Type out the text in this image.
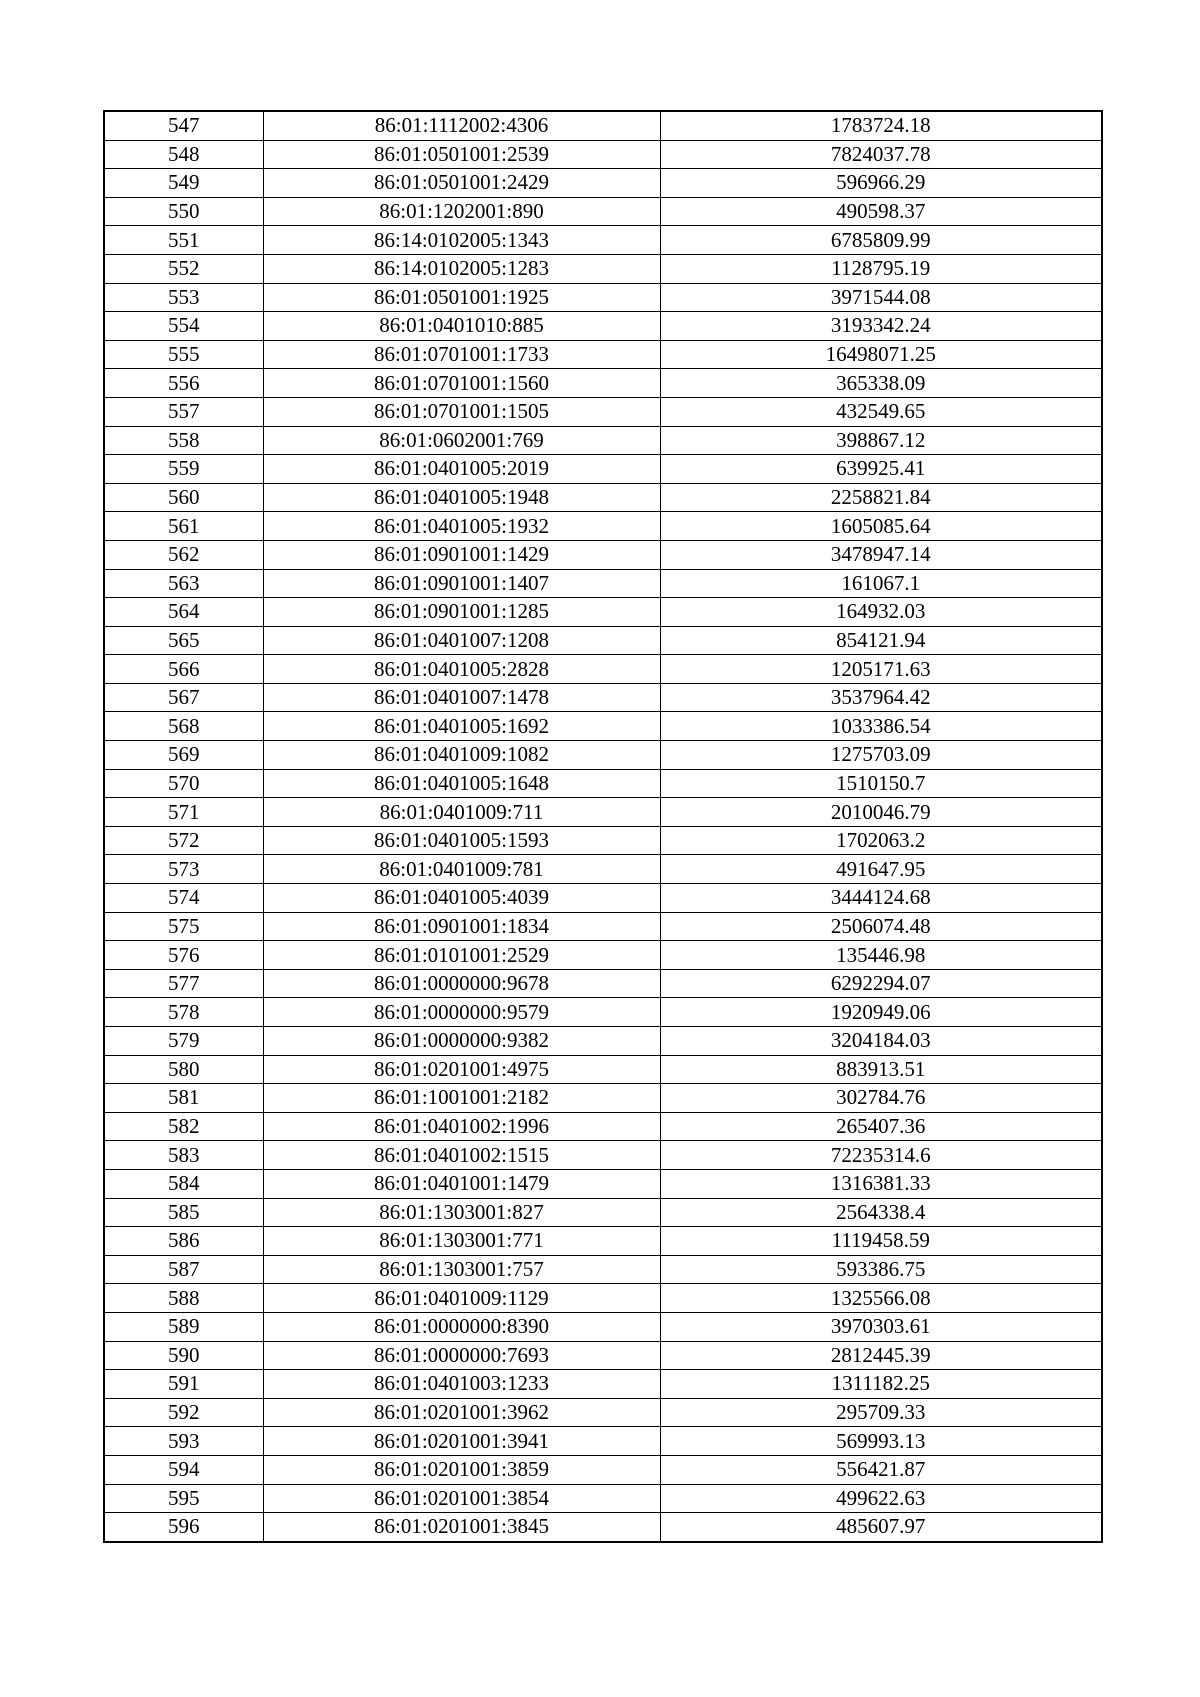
547	86:01:1112002:4306	1783724.18
548	86:01:0501001:2539	7824037.78
549	86:01:0501001:2429	596966.29
550	86:01:1202001:890	490598.37
551	86:14:0102005:1343	6785809.99
552	86:14:0102005:1283	1128795.19
553	86:01:0501001:1925	3971544.08
554	86:01:0401010:885	3193342.24
555	86:01:0701001:1733	16498071.25
556	86:01:0701001:1560	365338.09
557	86:01:0701001:1505	432549.65
558	86:01:0602001:769	398867.12
559	86:01:0401005:2019	639925.41
560	86:01:0401005:1948	2258821.84
561	86:01:0401005:1932	1605085.64
562	86:01:0901001:1429	3478947.14
563	86:01:0901001:1407	161067.1
564	86:01:0901001:1285	164932.03
565	86:01:0401007:1208	854121.94
566	86:01:0401005:2828	1205171.63
567	86:01:0401007:1478	3537964.42
568	86:01:0401005:1692	1033386.54
569	86:01:0401009:1082	1275703.09
570	86:01:0401005:1648	1510150.7
571	86:01:0401009:711	2010046.79
572	86:01:0401005:1593	1702063.2
573	86:01:0401009:781	491647.95
574	86:01:0401005:4039	3444124.68
575	86:01:0901001:1834	2506074.48
576	86:01:0101001:2529	135446.98
577	86:01:0000000:9678	6292294.07
578	86:01:0000000:9579	1920949.06
579	86:01:0000000:9382	3204184.03
580	86:01:0201001:4975	883913.51
581	86:01:1001001:2182	302784.76
582	86:01:0401002:1996	265407.36
583	86:01:0401002:1515	72235314.6
584	86:01:0401001:1479	1316381.33
585	86:01:1303001:827	2564338.4
586	86:01:1303001:771	1119458.59
587	86:01:1303001:757	593386.75
588	86:01:0401009:1129	1325566.08
589	86:01:0000000:8390	3970303.61
590	86:01:0000000:7693	2812445.39
591	86:01:0401003:1233	1311182.25
592	86:01:0201001:3962	295709.33
593	86:01:0201001:3941	569993.13
594	86:01:0201001:3859	556421.87
595	86:01:0201001:3854	499622.63
596	86:01:0201001:3845	485607.97
